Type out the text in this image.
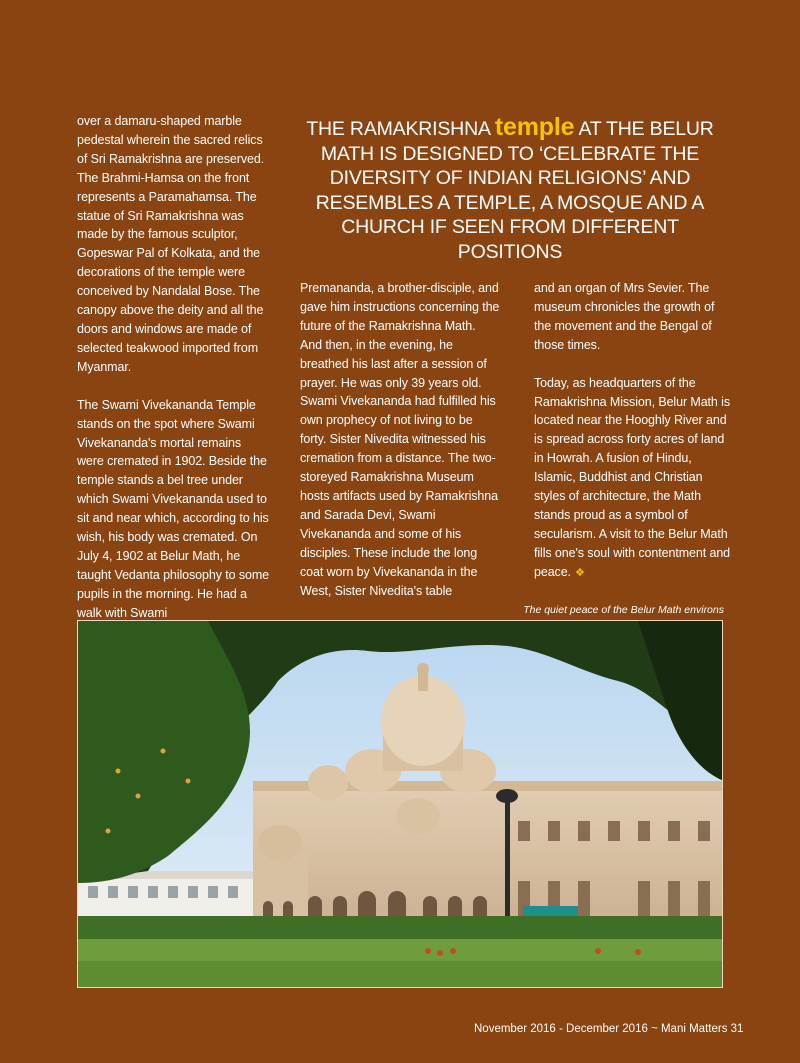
over a damaru-shaped marble pedestal wherein the sacred relics of Sri Ramakrishna are preserved. The Brahmi-Hamsa on the front represents a Paramahamsa. The statue of Sri Ramakrishna was made by the famous sculptor, Gopeswar Pal of Kolkata, and the decorations of the temple were conceived by Nandalal Bose. The canopy above the deity and all the doors and windows are made of selected teakwood imported from Myanmar.

The Swami Vivekananda Temple stands on the spot where Swami Vivekananda's mortal remains were cremated in 1902. Beside the temple stands a bel tree under which Swami Vivekananda used to sit and near which, according to his wish, his body was cremated. On July 4, 1902 at Belur Math, he taught Vedanta philosophy to some pupils in the morning. He had a walk with Swami

THE RAMAKRISHNA temple AT THE BELUR MATH IS DESIGNED TO ‘CELEBRATE THE DIVERSITY OF INDIAN RELIGIONS’ AND RESEMBLES A TEMPLE, A MOSQUE AND A CHURCH IF SEEN FROM DIFFERENT POSITIONS

Premananda, a brother-disciple, and gave him instructions concerning the future of the Ramakrishna Math. And then, in the evening, he breathed his last after a session of prayer. He was only 39 years old. Swami Vivekananda had fulfilled his own prophecy of not living to be forty. Sister Nivedita witnessed his cremation from a distance. The two-storeyed Ramakrishna Museum hosts artifacts used by Ramakrishna and Sarada Devi, Swami Vivekananda and some of his disciples. These include the long coat worn by Vivekananda in the West, Sister Nivedita's table

and an organ of Mrs Sevier. The museum chronicles the growth of the movement and the Bengal of those times.

Today, as headquarters of the Ramakrishna Mission, Belur Math is located near the Hooghly River and is spread across forty acres of land in Howrah. A fusion of Hindu, Islamic, Buddhist and Christian styles of architecture, the Math stands proud as a symbol of secularism. A visit to the Belur Math fills one's soul with contentment and peace. ❖

The quiet peace of the Belur Math environs
November 2016 - December 2016 ~ Mani Matters 31
